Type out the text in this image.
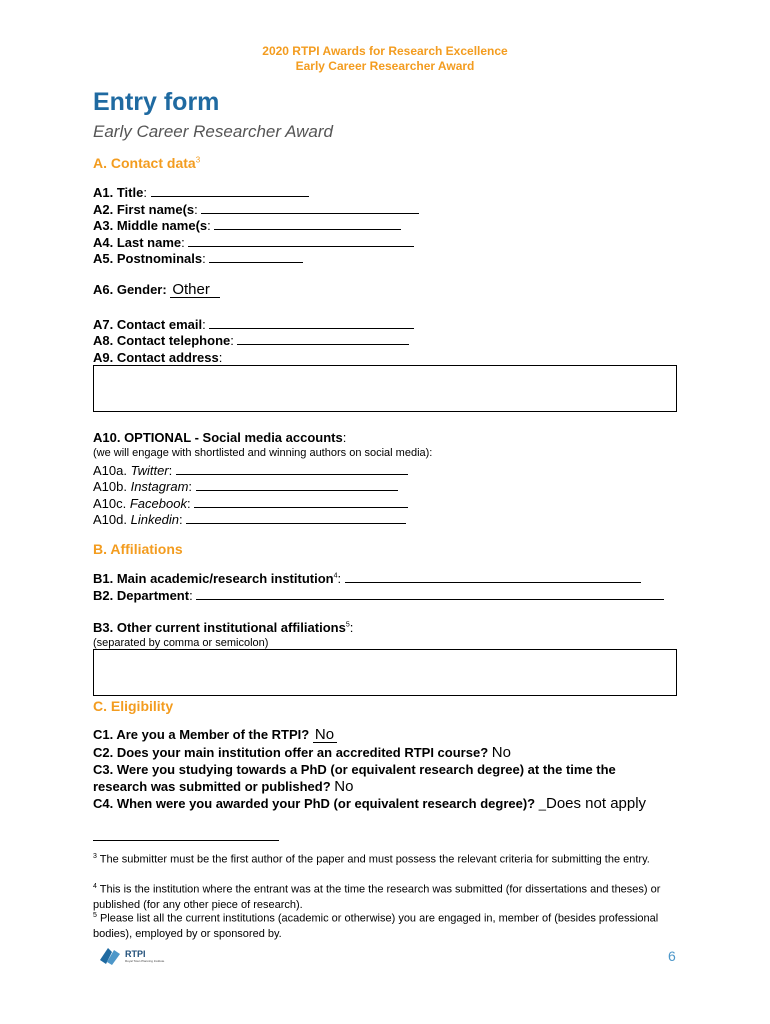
2020 RTPI Awards for Research Excellence
Early Career Researcher Award
Entry form
Early Career Researcher Award
A. Contact data$^3$
A1. Title:
A2. First name(s:
A3. Middle name(s:
A4. Last name:
A5. Postnominals:
A6. Gender: Other
A7. Contact email:
A8. Contact telephone:
A9. Contact address:
A10. OPTIONAL - Social media accounts:
(we will engage with shortlisted and winning authors on social media):
A10a. Twitter:
A10b. Instagram:
A10c. Facebook:
A10d. Linkedin:
B. Affiliations
B1. Main academic/research institution$^4$:
B2. Department:
B3. Other current institutional affiliations$^5$:
(separated by comma or semicolon)
C. Eligibility
C1. Are you a Member of the RTPI? No
C2. Does your main institution offer an accredited RTPI course? No
C3. Were you studying towards a PhD (or equivalent research degree) at the time the
research was submitted or published? No
C4. When were you awarded your PhD (or equivalent research degree)? _Does not apply
$^3$ The submitter must be the first author of the paper and must possess the relevant criteria for submitting the entry.
$^4$ This is the institution where the entrant was at the time the research was submitted (for dissertations and theses) or published (for any other piece of research).
$^5$ Please list all the current institutions (academic or otherwise) you are engaged in, member of (besides professional bodies), employed by or sponsored by.
RTPI
Royal Town Planning Institute	6
